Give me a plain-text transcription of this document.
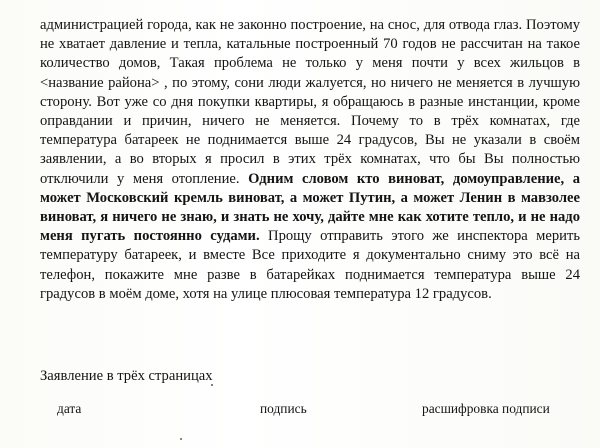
администрацией города, как не законно построение, на снос, для отвода глаз. Поэтому не хватает давление и тепла, катальные построенный 70 годов не рассчитан на такое количество домов, Такая проблема не только у меня почти у всех жильцов в <название района> , по этому, сони люди жалуется, но ничего не меняется в лучшую сторону. Вот уже со дня покупки квартиры, я обращаюсь в разные инстанции, кроме оправдании и причин, ничего не меняется. Почему то в трёх комнатах, где температура батареек не поднимается выше 24 градусов, Вы не указали в своём заявлении, а во вторых я просил в этих трёх комнатах, что бы Вы полностью отключили у меня отопление. Одним словом кто виноват, домоуправление, а может Московский кремль виноват, а может Путин, а может Ленин в мавзолее виноват, я ничего не знаю, и знать не хочу, дайте мне как хотите тепло, и не надо меня пугать постоянно судами. Прощу отправить этого же инспектора мерить температуру батареек, и вместе Все приходите я документально сниму это всё на телефон, покажите мне разве в батарейках поднимается температура выше 24 градусов в моём доме, хотя на улице плюсовая температура 12 градусов.

Заявление в трёх страницах

дата	подпись	расшифровка подписи
